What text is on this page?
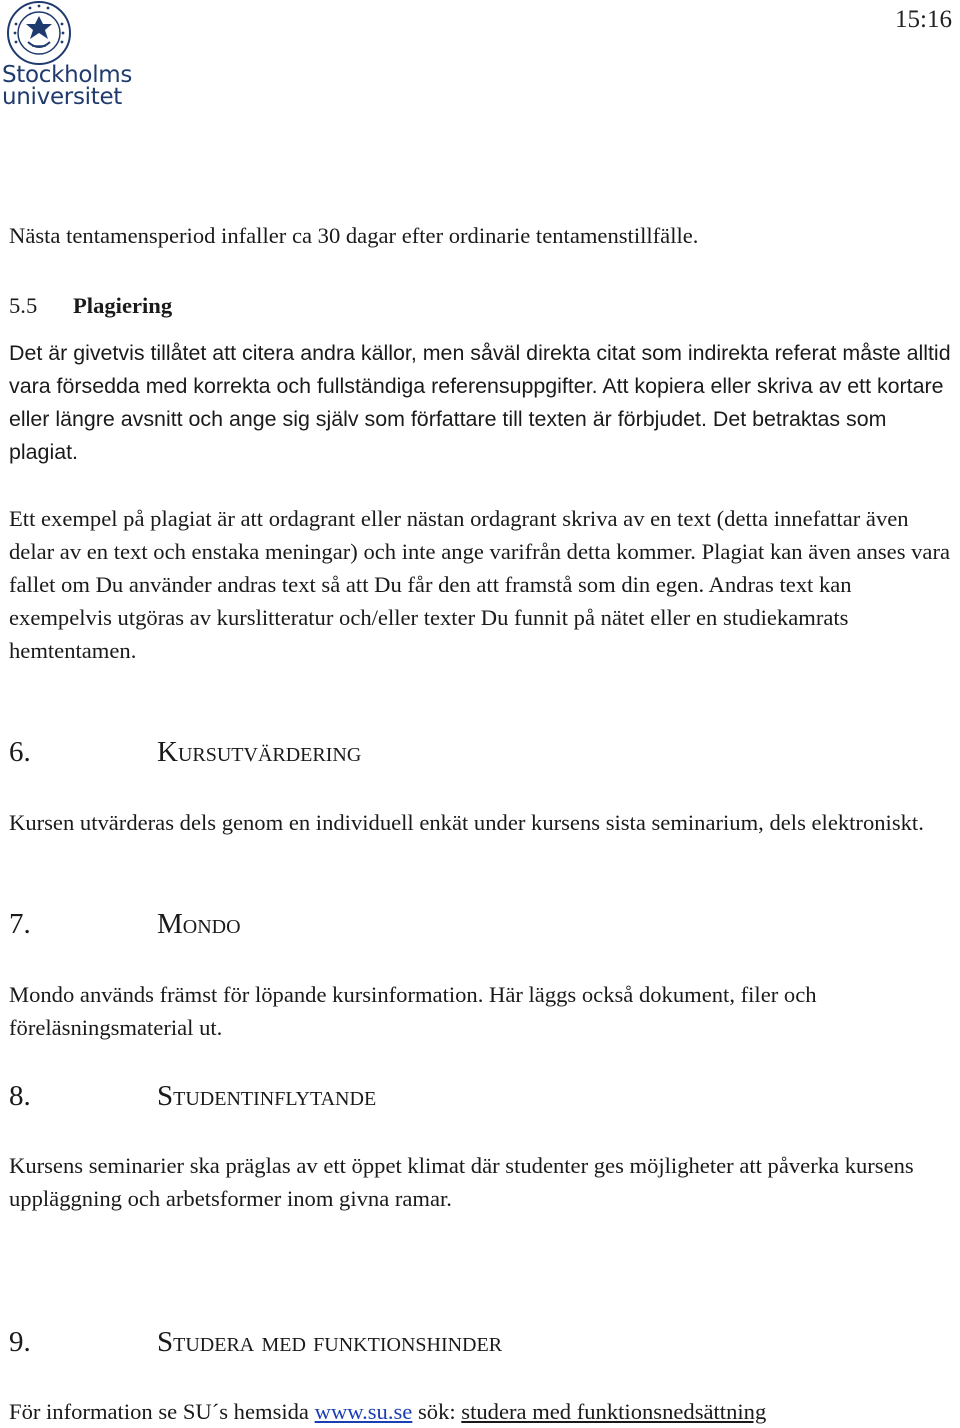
Stockholms
universitet
15:16

Nästa tentamensperiod infaller ca 30 dagar efter ordinarie tentamenstillfälle.

5.5 Plagiering

Det är givetvis tillåtet att citera andra källor, men såväl direkta citat som indirekta referat måste alltid vara försedda med korrekta och fullständiga referensuppgifter. Att kopiera eller skriva av ett kortare eller längre avsnitt och ange sig själv som författare till texten är förbjudet. Det betraktas som plagiat.

Ett exempel på plagiat är att ordagrant eller nästan ordagrant skriva av en text (detta innefattar även delar av en text och enstaka meningar) och inte ange varifrån detta kommer. Plagiat kan även anses vara fallet om Du använder andras text så att Du får den att framstå som din egen. Andras text kan exempelvis utgöras av kurslitteratur och/eller texter Du funnit på nätet eller en studiekamrats hemtentamen.

6.	Kursutvärdering

Kursen utvärderas dels genom en individuell enkät under kursens sista seminarium, dels elektroniskt.

7.	Mondo

Mondo används främst för löpande kursinformation. Här läggs också dokument, filer och föreläsningsmaterial ut.

8.	Studentinflytande

Kursens seminarier ska präglas av ett öppet klimat där studenter ges möjligheter att påverka kursens uppläggning och arbetsformer inom givna ramar.

9.	Studera med funktionshinder

För information se SU´s hemsida www.su.se sök: studera med funktionsnedsättning
